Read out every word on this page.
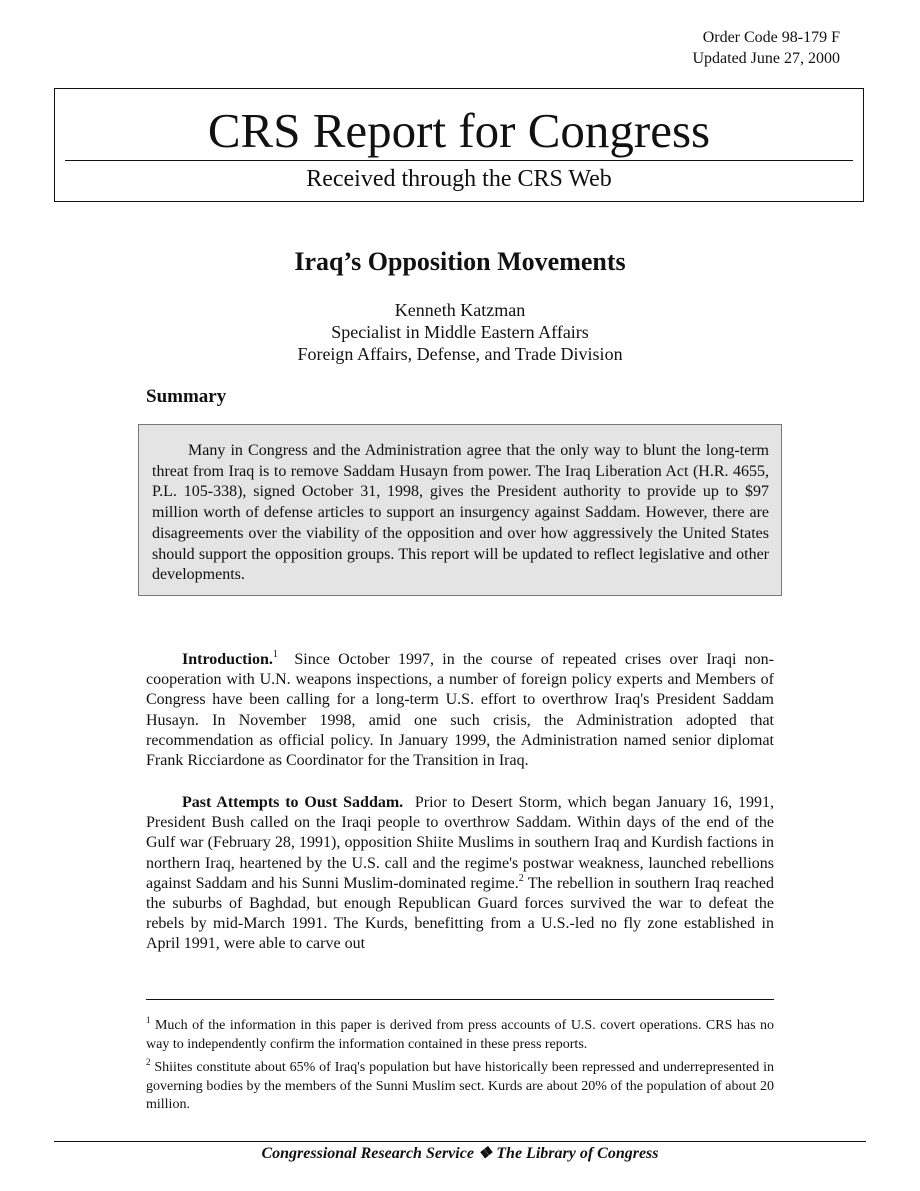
Order Code 98-179 F
Updated June 27, 2000
CRS Report for Congress
Received through the CRS Web
Iraq’s Opposition Movements
Kenneth Katzman
Specialist in Middle Eastern Affairs
Foreign Affairs, Defense, and Trade Division
Summary
Many in Congress and the Administration agree that the only way to blunt the long-term threat from Iraq is to remove Saddam Husayn from power. The Iraq Liberation Act (H.R. 4655, P.L. 105-338), signed October 31, 1998, gives the President authority to provide up to $97 million worth of defense articles to support an insurgency against Saddam. However, there are disagreements over the viability of the opposition and over how aggressively the United States should support the opposition groups. This report will be updated to reflect legislative and other developments.

Introduction.$^1$ Since October 1997, in the course of repeated crises over Iraqi non-cooperation with U.N. weapons inspections, a number of foreign policy experts and Members of Congress have been calling for a long-term U.S. effort to overthrow Iraq's President Saddam Husayn. In November 1998, amid one such crisis, the Administration adopted that recommendation as official policy. In January 1999, the Administration named senior diplomat Frank Ricciardone as Coordinator for the Transition in Iraq.

Past Attempts to Oust Saddam. Prior to Desert Storm, which began January 16, 1991, President Bush called on the Iraqi people to overthrow Saddam. Within days of the end of the Gulf war (February 28, 1991), opposition Shiite Muslims in southern Iraq and Kurdish factions in northern Iraq, heartened by the U.S. call and the regime's postwar weakness, launched rebellions against Saddam and his Sunni Muslim-dominated regime.$^2$ The rebellion in southern Iraq reached the suburbs of Baghdad, but enough Republican Guard forces survived the war to defeat the rebels by mid-March 1991. The Kurds, benefitting from a U.S.-led no fly zone established in April 1991, were able to carve out

$^1$ Much of the information in this paper is derived from press accounts of U.S. covert operations. CRS has no way to independently confirm the information contained in these press reports.

$^2$ Shiites constitute about 65% of Iraq's population but have historically been repressed and underrepresented in governing bodies by the members of the Sunni Muslim sect. Kurds are about 20% of the population of about 20 million.

Congressional Research Service ❖ The Library of Congress
